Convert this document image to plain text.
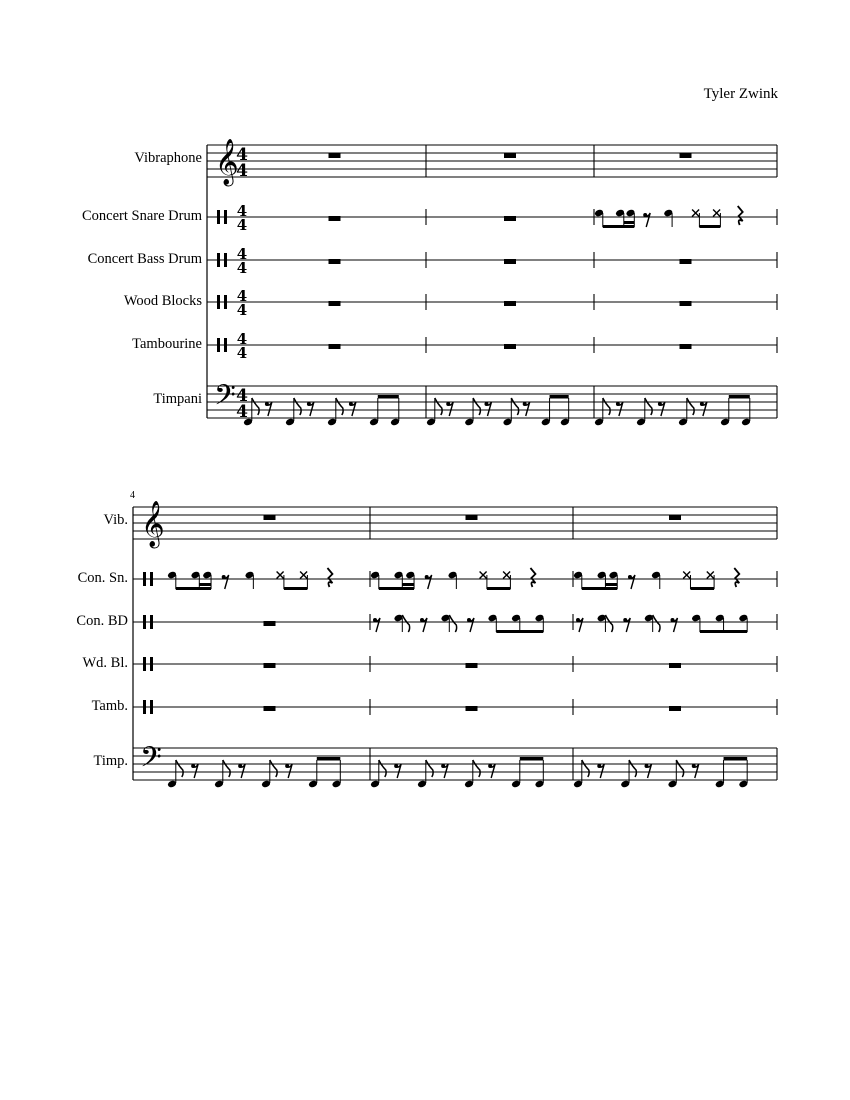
Tyler Zwink
Vibraphone
Concert Snare Drum
Concert Bass Drum
Wood Blocks
Tambourine
Timpani
4
Vib.
Con. Sn.
Con. BD
Wd. Bl.
Tamb.
Timp.
𝄞
4
4
4
4
4
4
4
4
4
4
𝄢 4
4
𝄞
𝄢
